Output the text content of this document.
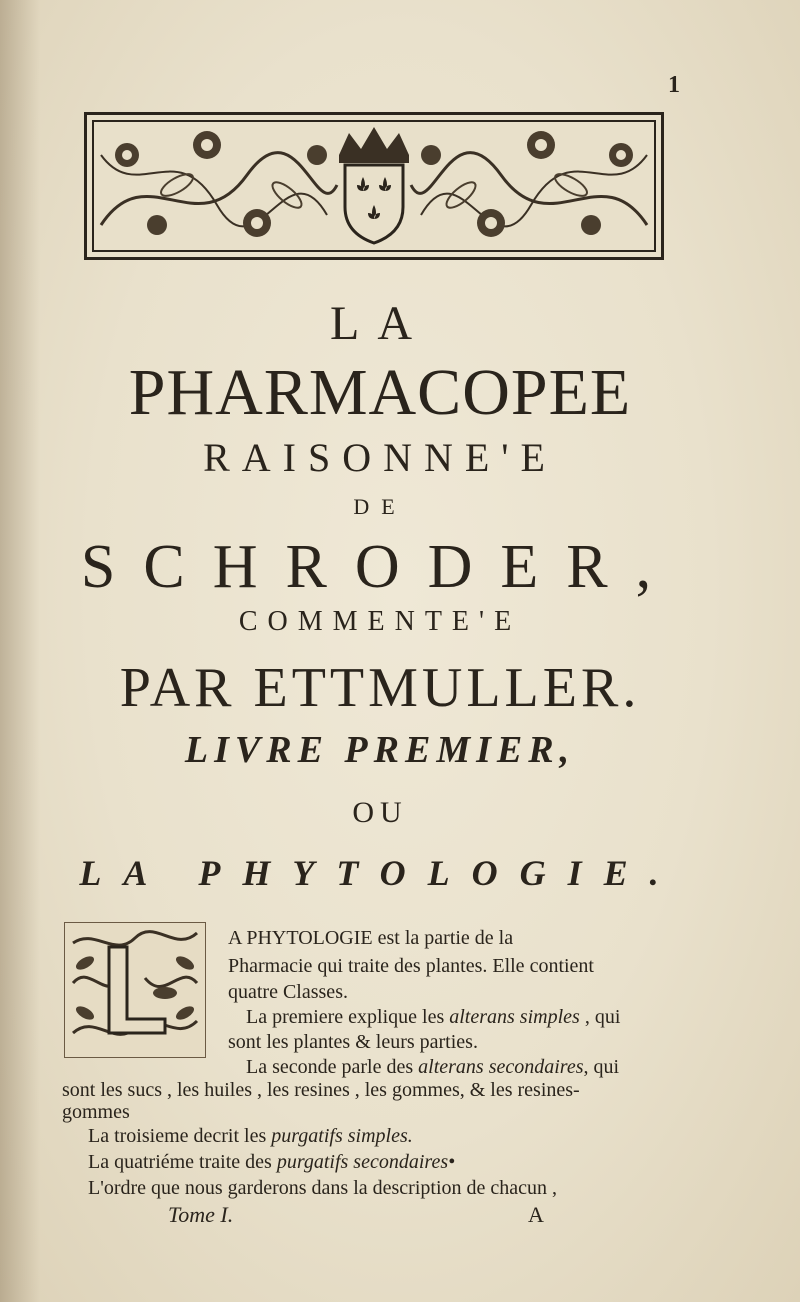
1
LA
PHARMACOPEE
RAISONNE'E
DE
SCHRODER,
COMMENTE'E
PAR ETTMULLER.
LIVRE PREMIER,
OU
LA PHYTOLOGIE.
A PHYTOLOGIE est la partie de la
Pharmacie qui traite des plantes. Elle contient
quatre Classes.
La premiere explique les alterans simples , qui
sont les plantes & leurs parties.
La seconde parle des alterans secondaires, qui
sont les sucs , les huiles , les resines , les gommes, & les resines-
gommes
La troisieme decrit les purgatifs simples.
La quatriéme traite des purgatifs secondaires•
L'ordre que nous garderons dans la description de chacun ,
Tome I.	A
